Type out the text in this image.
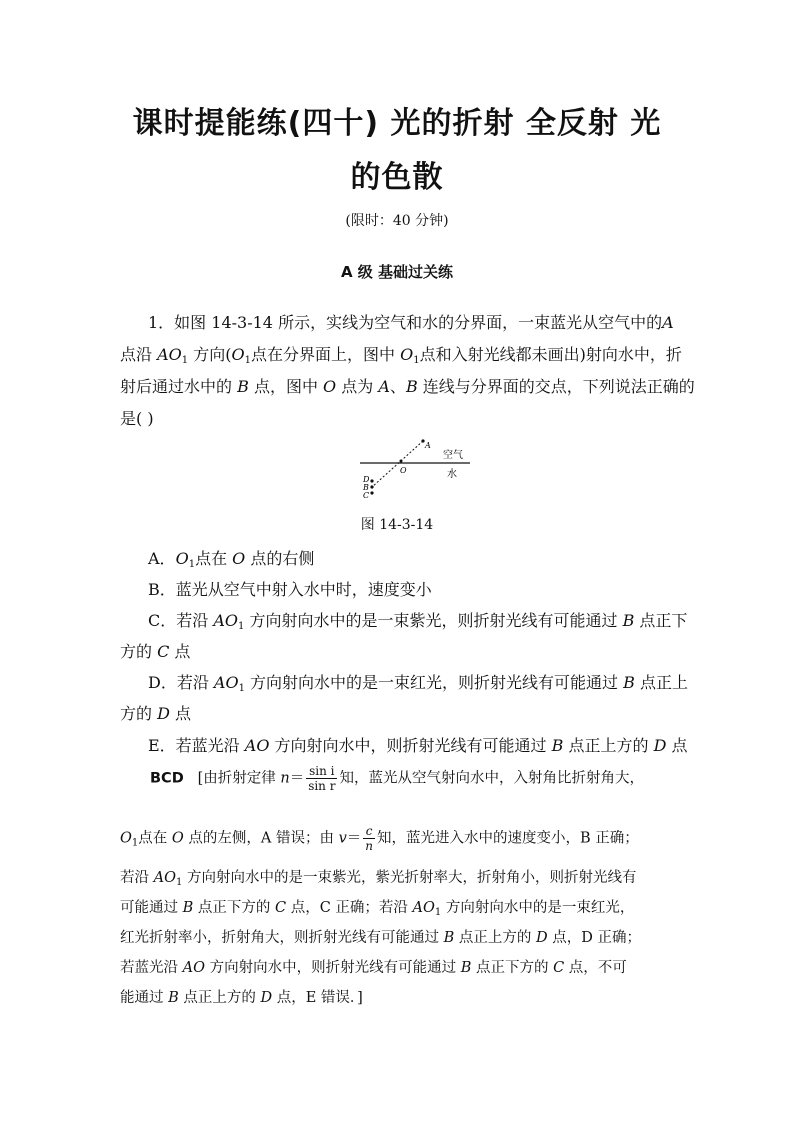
课时提能练(四十) 光的折射 全反射 光
的色散
(限时：40 分钟)
A 级 基础过关练
1．如图 14-3-14 所示，实线为空气和水的分界面，一束蓝光从空气中的A
点沿 $AO_1$ 方向($O_1$点在分界面上，图中 $O_1$点和入射光线都未画出)射向水中，折
射后通过水中的 B 点，图中 O 点为 A、B 连线与分界面的交点，下列说法正确的
是( )
A
O
D
B
C
空气
水
图 14-3-14
A．$O_1$点在 O 点的右侧
B．蓝光从空气中射入水中时，速度变小
C．若沿 $AO_1$ 方向射向水中的是一束紫光，则折射光线有可能通过 B 点正下
方的 C 点
D．若沿 $AO_1$ 方向射向水中的是一束红光，则折射光线有可能通过 B 点正上
方的 D 点
E．若蓝光沿 AO 方向射向水中，则折射光线有可能通过 B 点正上方的 D 点
BCD [由折射定律 $n= \frac{\text{sin i}}{\text{sin r}}$ 知，蓝光从空气射向水中，入射角比折射角大，
$O_1$点在 O 点的左侧，A 错误；由 $v= \frac{c}{n}$ 知，蓝光进入水中的速度变小，B 正确；
若沿 $AO_1$ 方向射向水中的是一束紫光，紫光折射率大，折射角小，则折射光线有
可能通过 B 点正下方的 C 点，C 正确；若沿 $AO_1$ 方向射向水中的是一束红光，
红光折射率小，折射角大，则折射光线有可能通过 B 点正上方的 D 点，D 正确；
若蓝光沿 AO 方向射向水中，则折射光线有可能通过 B 点正下方的 C 点，不可
能通过 B 点正上方的 D 点，E 错误．]
